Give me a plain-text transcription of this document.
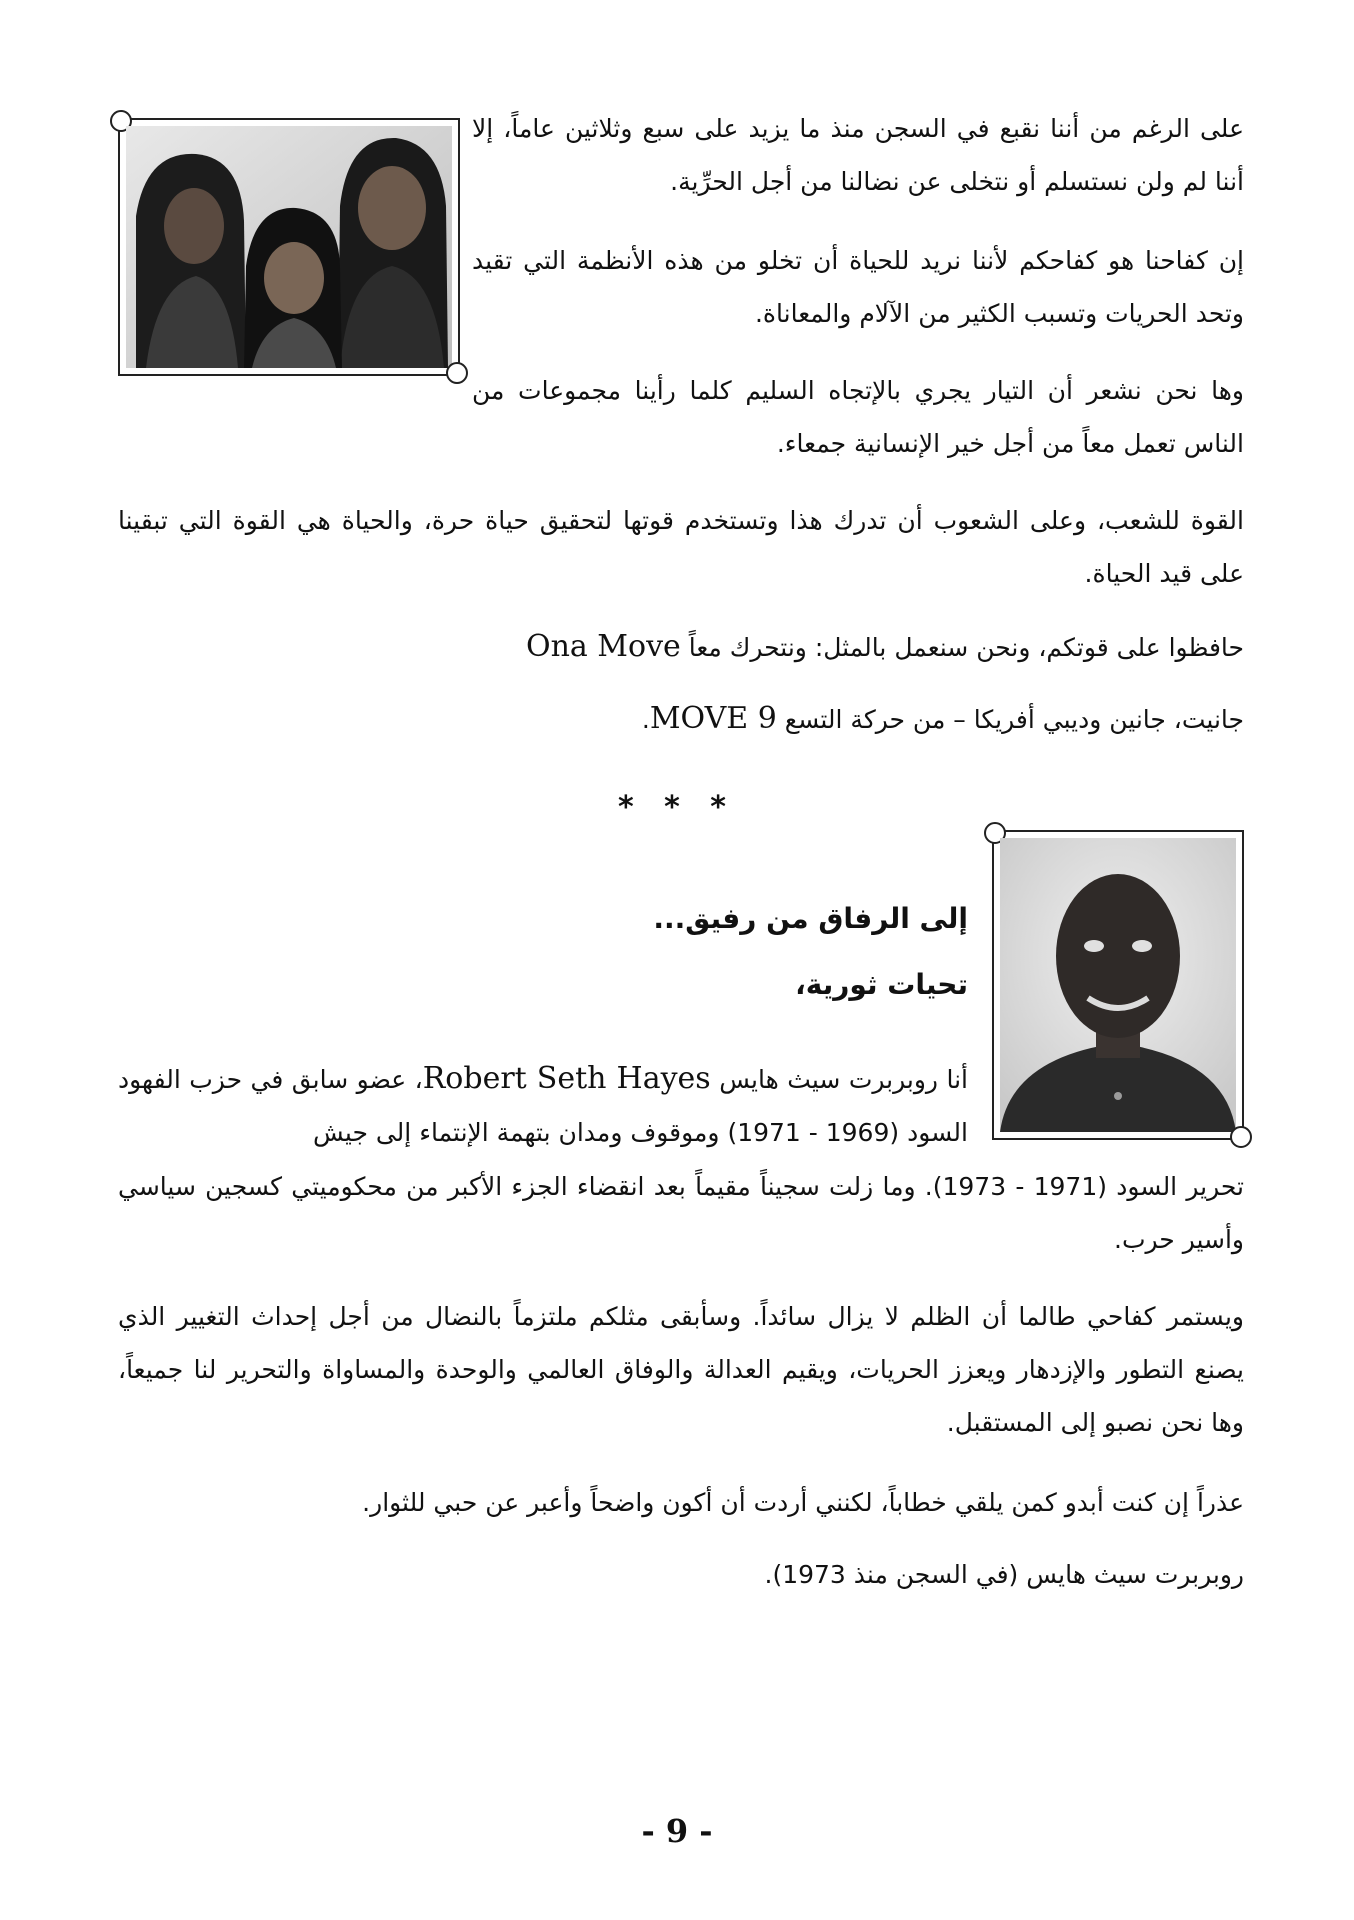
على الرغم من أننا نقبع في السجن منذ ما يزيد على سبع وثلاثين عاماً، إلا أننا لم ولن نستسلم أو نتخلى عن نضالنا من أجل الحرِّية.

إن كفاحنا هو كفاحكم لأننا نريد للحياة أن تخلو من هذه الأنظمة التي تقيد وتحد الحريات وتسبب الكثير من الآلام والمعاناة.

وها نحن نشعر أن التيار يجري بالإتجاه السليم كلما رأينا مجموعات من الناس تعمل معاً من أجل خير الإنسانية جمعاء.

القوة للشعب، وعلى الشعوب أن تدرك هذا وتستخدم قوتها لتحقيق حياة حرة، والحياة هي القوة التي تبقينا على قيد الحياة.

حافظوا على قوتكم، ونحن سنعمل بالمثل: ونتحرك معاً Ona Move

جانيت، جانين وديبي أفريكا – من حركة التسع MOVE 9.

* * *

إلى الرفاق من رفيق...

تحيات ثورية،

أنا روبربرت سيث هايس Robert Seth Hayes، عضو سابق في حزب الفهود السود (1969 - 1971) وموقوف ومدان بتهمة الإنتماء إلى جيش

تحرير السود (1971 - 1973). وما زلت سجيناً مقيماً بعد انقضاء الجزء الأكبر من محكوميتي كسجين سياسي وأسير حرب.

ويستمر كفاحي طالما أن الظلم لا يزال سائداً. وسأبقى مثلكم ملتزماً بالنضال من أجل إحداث التغيير الذي يصنع التطور والإزدهار ويعزز الحريات، ويقيم العدالة والوفاق العالمي والوحدة والمساواة والتحرير لنا جميعاً، وها نحن نصبو إلى المستقبل.

عذراً إن كنت أبدو كمن يلقي خطاباً، لكنني أردت أن أكون واضحاً وأعبر عن حبي للثوار.

روبربرت سيث هايس (في السجن منذ 1973).

- 9 -
